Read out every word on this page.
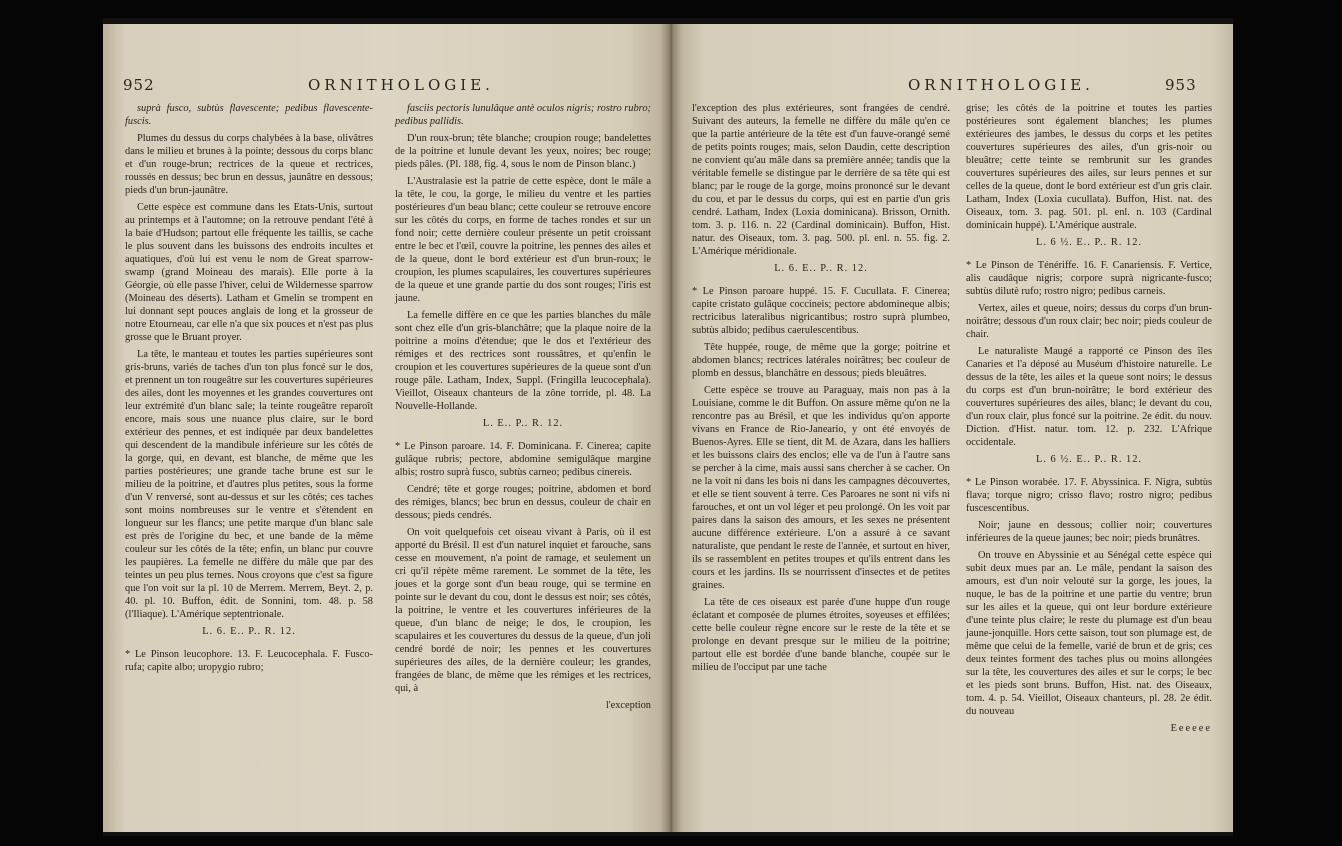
952	ORNITHOLOGIE.

suprà fusco, subtùs flavescente; pedibus flavescente-fuscis.

Plumes du dessus du corps chalybées à la base, olivâtres dans le milieu et brunes à la pointe; dessous du corps blanc et d'un rouge-brun; rectrices de la queue et rectrices, roussés en dessus; bec brun en dessus, jaunâtre en dessous; pieds d'un brun-jaunâtre.

Cette espèce est commune dans les Etats-Unis, surtout au printemps et à l'automne; on la retrouve pendant l'été à la baie d'Hudson; partout elle fréquente les taillis, se cache le plus souvent dans les buissons des endroits incultes et aquatiques, d'où lui est venu le nom de Great sparrow-swamp (grand Moineau des marais). Elle porte à la Géorgie, où elle passe l'hiver, celui de Wildernesse sparrow (Moineau des déserts). Latham et Gmelin se trompent en lui donnant sept pouces anglais de long et la grosseur de notre Etourneau, car elle n'a que six pouces et n'est pas plus grosse que le Bruant proyer.

La tête, le manteau et toutes les parties supérieures sont gris-bruns, variés de taches d'un ton plus foncé sur le dos, et prennent un ton rougeâtre sur les couvertures supérieures des ailes, dont les moyennes et les grandes couvertures ont leur extrémité d'un blanc sale; la teinte rougeâtre reparoît encore, mais sous une nuance plus claire, sur le bord extérieur des pennes, et est indiquée par deux bandelettes qui descendent de la mandibule inférieure sur les côtés de la gorge, qui, en devant, est blanche, de même que les parties postérieures; une grande tache brune est sur le milieu de la poitrine, et d'autres plus petites, sous la forme d'un V renversé, sont au-dessus et sur les côtés; ces taches sont moins nombreuses sur le ventre et s'étendent en longueur sur les flancs; une petite marque d'un blanc sale est près de l'origine du bec, et une bande de la même couleur sur les côtés de la tête; enfin, un blanc pur couvre les paupières. La femelle ne diffère du mâle que par des teintes un peu plus ternes. Nous croyons que c'est sa figure que l'on voit sur la pl. 10 de Merrem. Merrem, Beyt. 2, p. 40. pl. 10. Buffon, édit. de Sonnini, tom. 48. p. 58 (l'Iliaque). L'Amérique septentrionale.

L. 6. E.. P.. R. 12.

* Le Pinson leucophore. 13. F. Leucocephala. F. Fusco-rufa; capite albo; uropygio rubro;

fasciis pectoris lunulâque antè oculos nigris; rostro rubro; pedibus pallidis.

D'un roux-brun; tête blanche; croupion rouge; bandelettes de la poitrine et lunule devant les yeux, noires; bec rouge; pieds pâles. (Pl. 188, fig. 4, sous le nom de Pinson blanc.)

L'Australasie est la patrie de cette espèce, dont le mâle a la tête, le cou, la gorge, le milieu du ventre et les parties postérieures d'un beau blanc; cette couleur se retrouve encore sur les côtés du corps, en forme de taches rondes et sur un fond noir; cette dernière couleur présente un petit croissant entre le bec et l'œil, couvre la poitrine, les pennes des ailes et de la queue, dont le bord extérieur est d'un brun-roux; le croupion, les plumes scapulaires, les couvertures supérieures de la queue et une grande partie du dos sont rouges; l'iris est jaune.

La femelle diffère en ce que les parties blanches du mâle sont chez elle d'un gris-blanchâtre; que la plaque noire de la poitrine a moins d'étendue; que le dos et l'extérieur des rémiges et des rectrices sont roussâtres, et qu'enfin le croupion et les couvertures supérieures de la queue sont d'un rouge pâle. Latham, Index, Suppl. (Fringilla leucocephala). Vieillot, Oiseaux chanteurs de la zône torride, pl. 48. La Nouvelle-Hollande.

L. E.. P.. R. 12.

* Le Pinson paroare. 14. F. Dominicana. F. Cinerea; capite gulâque rubris; pectore, abdomine semigulâque margine albis; rostro suprà fusco, subtùs carneo; pedibus cinereis.

Cendré; tête et gorge rouges; poitrine, abdomen et bord des rémiges, blancs; bec brun en dessus, couleur de chair en dessous; pieds cendrés.

On voit quelquefois cet oiseau vivant à Paris, où il est apporté du Brésil. Il est d'un naturel inquiet et farouche, sans cesse en mouvement, n'a point de ramage, et seulement un cri qu'il répète même rarement. Le sommet de la tête, les joues et la gorge sont d'un beau rouge, qui se termine en pointe sur le devant du cou, dont le dessus est noir; ses côtés, la poitrine, le ventre et les couvertures inférieures de la queue, d'un blanc de neige; le dos, le croupion, les scapulaires et les couvertures du dessus de la queue, d'un joli cendré bordé de noir; les pennes et les couvertures supérieures des ailes, de la dernière couleur; les grandes, frangées de blanc, de même que les rémiges et les rectrices, qui, à

l'exception

ORNITHOLOGIE.	953

l'exception des plus extérieures, sont frangées de cendré. Suivant des auteurs, la femelle ne diffère du mâle qu'en ce que la partie antérieure de la tête est d'un fauve-orangé semé de petits points rouges; mais, selon Daudin, cette description ne convient qu'au mâle dans sa première année; tandis que la véritable femelle se distingue par le derrière de sa tête qui est blanc; par le rouge de la gorge, moins prononcé sur le devant du cou, et par le dessus du corps, qui est en partie d'un gris cendré. Latham, Index (Loxia dominicana). Brisson, Ornith. tom. 3. p. 116. n. 22 (Cardinal dominicain). Buffon, Hist. natur. des Oiseaux, tom. 3. pag. 500. pl. enl. n. 55. fig. 2. L'Amérique méridionale.

L. 6. E.. P.. R. 12.

* Le Pinson paroare huppé. 15. F. Cucullata. F. Cinerea; capite cristato gulâque coccineis; pectore abdomineque albis; rectricibus lateralibus nigricantibus; rostro suprà plumbeo, subtùs albido; pedibus caerulescentibus.

Tête huppée, rouge, de même que la gorge; poitrine et abdomen blancs; rectrices latérales noirâtres; bec couleur de plomb en dessus, blanchâtre en dessous; pieds bleuâtres.

Cette espèce se trouve au Paraguay, mais non pas à la Louisiane, comme le dit Buffon. On assure même qu'on ne la rencontre pas au Brésil, et que les individus qu'on apporte vivans en France de Rio-Janeario, y ont été envoyés de Buenos-Ayres. Elle se tient, dit M. de Azara, dans les halliers et les buissons clairs des enclos; elle va de l'un à l'autre sans se percher à la cime, mais aussi sans chercher à se cacher. On ne la voit ni dans les bois ni dans les campagnes découvertes, et elle se tient souvent à terre. Ces Paroares ne sont ni vifs ni farouches, et ont un vol léger et peu prolongé. On les voit par paires dans la saison des amours, et les sexes ne présentent aucune différence extérieure. L'on a assuré à ce savant naturaliste, que pendant le reste de l'année, et surtout en hiver, ils se rassemblent en petites troupes et qu'ils entrent dans les cours et les jardins. Ils se nourrissent d'insectes et de petites graines.

La tête de ces oiseaux est parée d'une huppe d'un rouge éclatant et composée de plumes étroites, soyeuses et effilées; cette belle couleur règne encore sur le reste de la tête et se prolonge en devant presque sur le milieu de la poitrine; partout elle est bordée d'une bande blanche, coupée sur le milieu de l'occiput par une tache

grise; les côtés de la poitrine et toutes les parties postérieures sont également blanches; les plumes extérieures des jambes, le dessus du corps et les petites couvertures supérieures des ailes, d'un gris-noir ou bleuâtre; cette teinte se rembrunit sur les grandes couvertures supérieures des ailes, sur leurs pennes et sur celles de la queue, dont le bord extérieur est d'un gris clair. Latham, Index (Loxia cucullata). Buffon, Hist. nat. des Oiseaux, tom. 3. pag. 501. pl. enl. n. 103 (Cardinal dominicain huppé). L'Amérique australe.

L. 6 ½. E.. P.. R. 12.

* Le Pinson de Ténériffe. 16. F. Canariensis. F. Vertice, alis caudâque nigris; corpore suprà nigricante-fusco; subtùs dilutè rufo; rostro nigro; pedibus carneis.

Vertex, ailes et queue, noirs; dessus du corps d'un brun-noirâtre; dessous d'un roux clair; bec noir; pieds couleur de chair.

Le naturaliste Maugé a rapporté ce Pinson des îles Canaries et l'a déposé au Muséum d'histoire naturelle. Le dessus de la tête, les ailes et la queue sont noirs; le dessus du corps est d'un brun-noirâtre; le bord extérieur des couvertures supérieures des ailes, blanc; le devant du cou, d'un roux clair, plus foncé sur la poitrine. 2e édit. du nouv. Diction. d'Hist. natur. tom. 12. p. 232. L'Afrique occidentale.

L. 6 ½. E.. P.. R. 12.

* Le Pinson worabée. 17. F. Abyssinica. F. Nigra, subtùs flava; torque nigro; crisso flavo; rostro nigro; pedibus fuscescentibus.

Noir; jaune en dessous; collier noir; couvertures inférieures de la queue jaunes; bec noir; pieds brunâtres.

On trouve en Abyssinie et au Sénégal cette espèce qui subit deux mues par an. Le mâle, pendant la saison des amours, est d'un noir velouté sur la gorge, les joues, la nuque, le bas de la poitrine et une partie du ventre; brun sur les ailes et la queue, qui ont leur bordure extérieure d'une teinte plus claire; le reste du plumage est d'un beau jaune-jonquille. Hors cette saison, tout son plumage est, de même que celui de la femelle, varié de brun et de gris; ces deux teintes forment des taches plus ou moins allongées sur la tête, les couvertures des ailes et sur le corps; le bec et les pieds sont bruns. Buffon, Hist. nat. des Oiseaux, tom. 4. p. 54. Vieillot, Oiseaux chanteurs, pl. 28. 2e édit. du nouveau

Eeeeee
